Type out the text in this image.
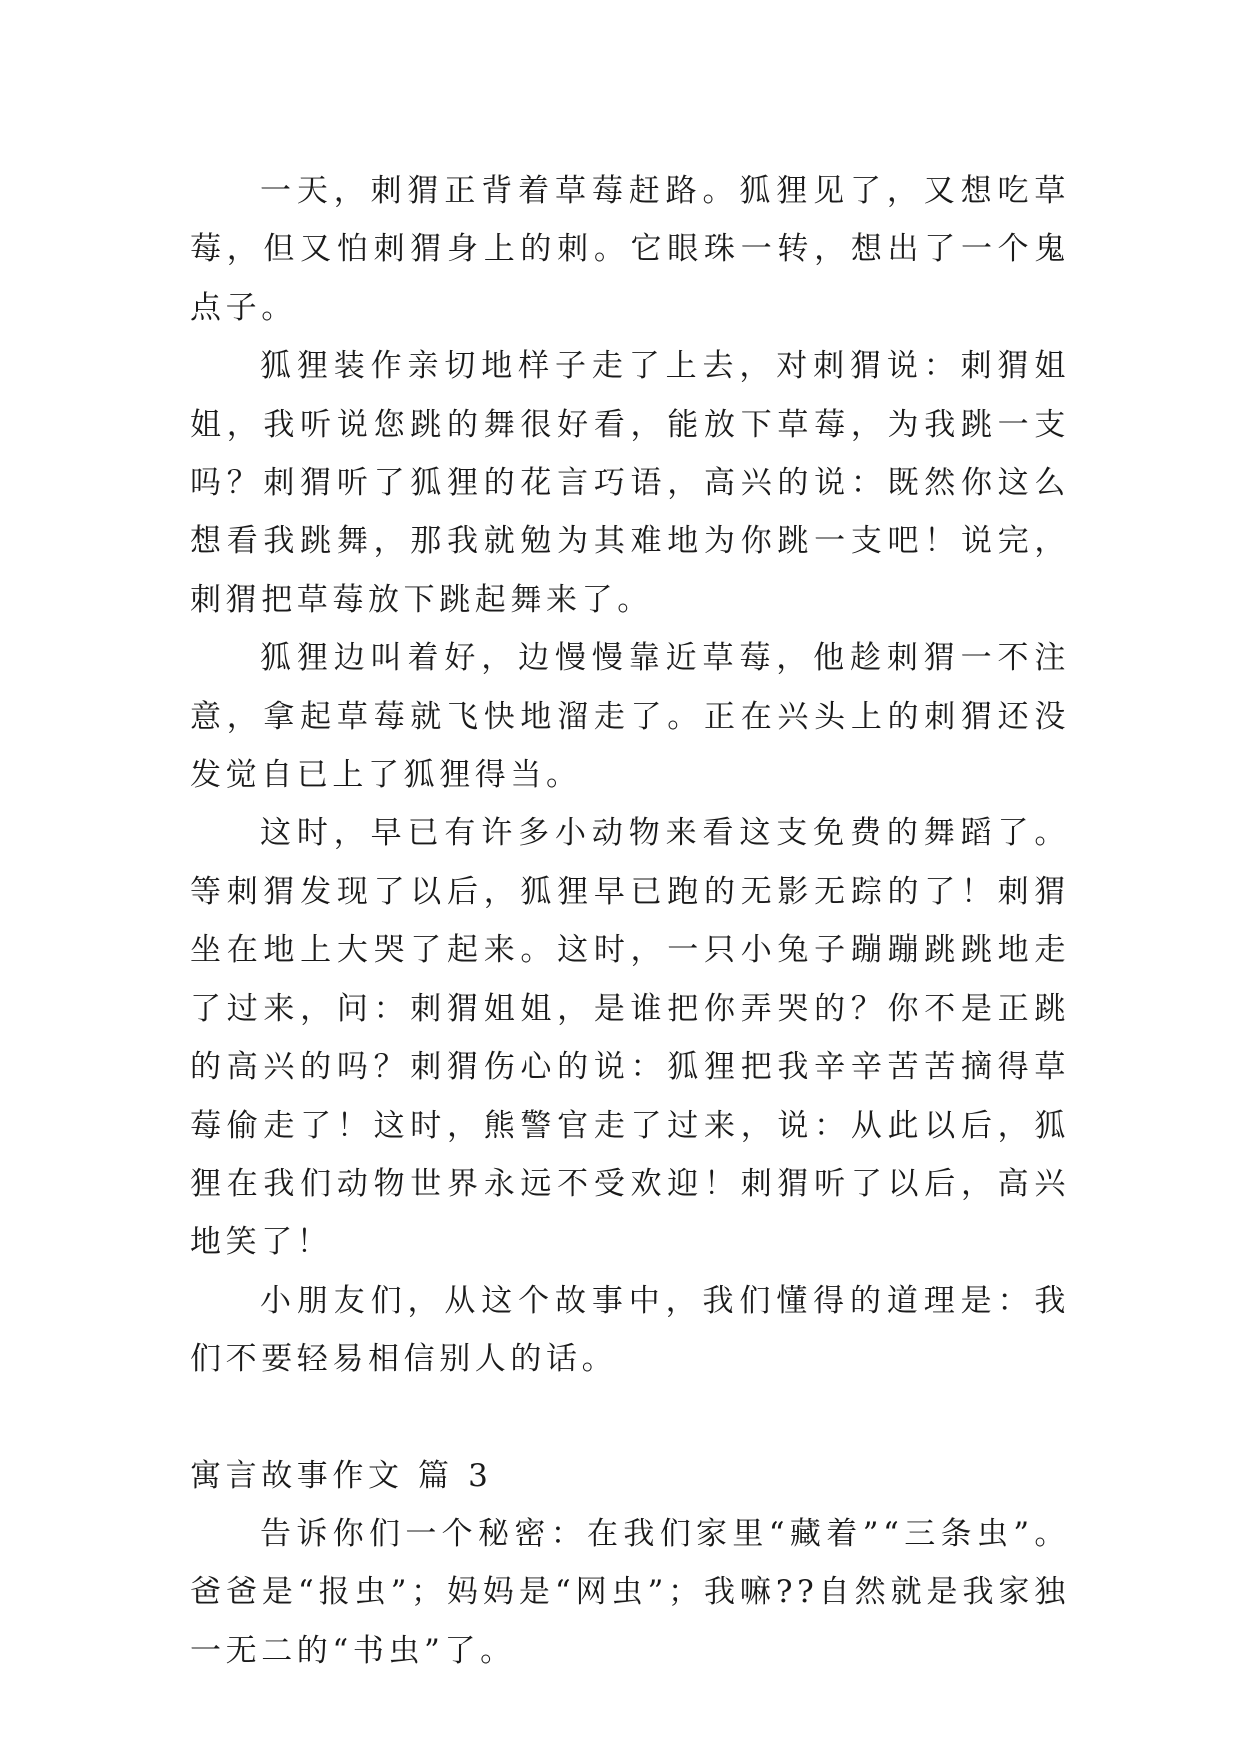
一天，刺猬正背着草莓赶路。狐狸见了，又想吃草莓，但又怕刺猬身上的刺。它眼珠一转，想出了一个鬼点子。

狐狸装作亲切地样子走了上去，对刺猬说：刺猬姐姐，我听说您跳的舞很好看，能放下草莓，为我跳一支吗？刺猬听了狐狸的花言巧语，高兴的说：既然你这么想看我跳舞，那我就勉为其难地为你跳一支吧！说完，刺猬把草莓放下跳起舞来了。

狐狸边叫着好，边慢慢靠近草莓，他趁刺猬一不注意，拿起草莓就飞快地溜走了。正在兴头上的刺猬还没发觉自已上了狐狸得当。

这时，早已有许多小动物来看这支免费的舞蹈了。等刺猬发现了以后，狐狸早已跑的无影无踪的了！刺猬坐在地上大哭了起来。这时，一只小兔子蹦蹦跳跳地走了过来，问：刺猬姐姐，是谁把你弄哭的？你不是正跳的高兴的吗？刺猬伤心的说：狐狸把我辛辛苦苦摘得草莓偷走了！这时，熊警官走了过来，说：从此以后，狐狸在我们动物世界永远不受欢迎！刺猬听了以后，高兴地笑了！

小朋友们，从这个故事中，我们懂得的道理是：我们不要轻易相信别人的话。

寓言故事作文 篇 3

告诉你们一个秘密：在我们家里“藏着”“三条虫”。爸爸是“报虫”；妈妈是“网虫”；我嘛??自然就是我家独一无二的“书虫”了。
